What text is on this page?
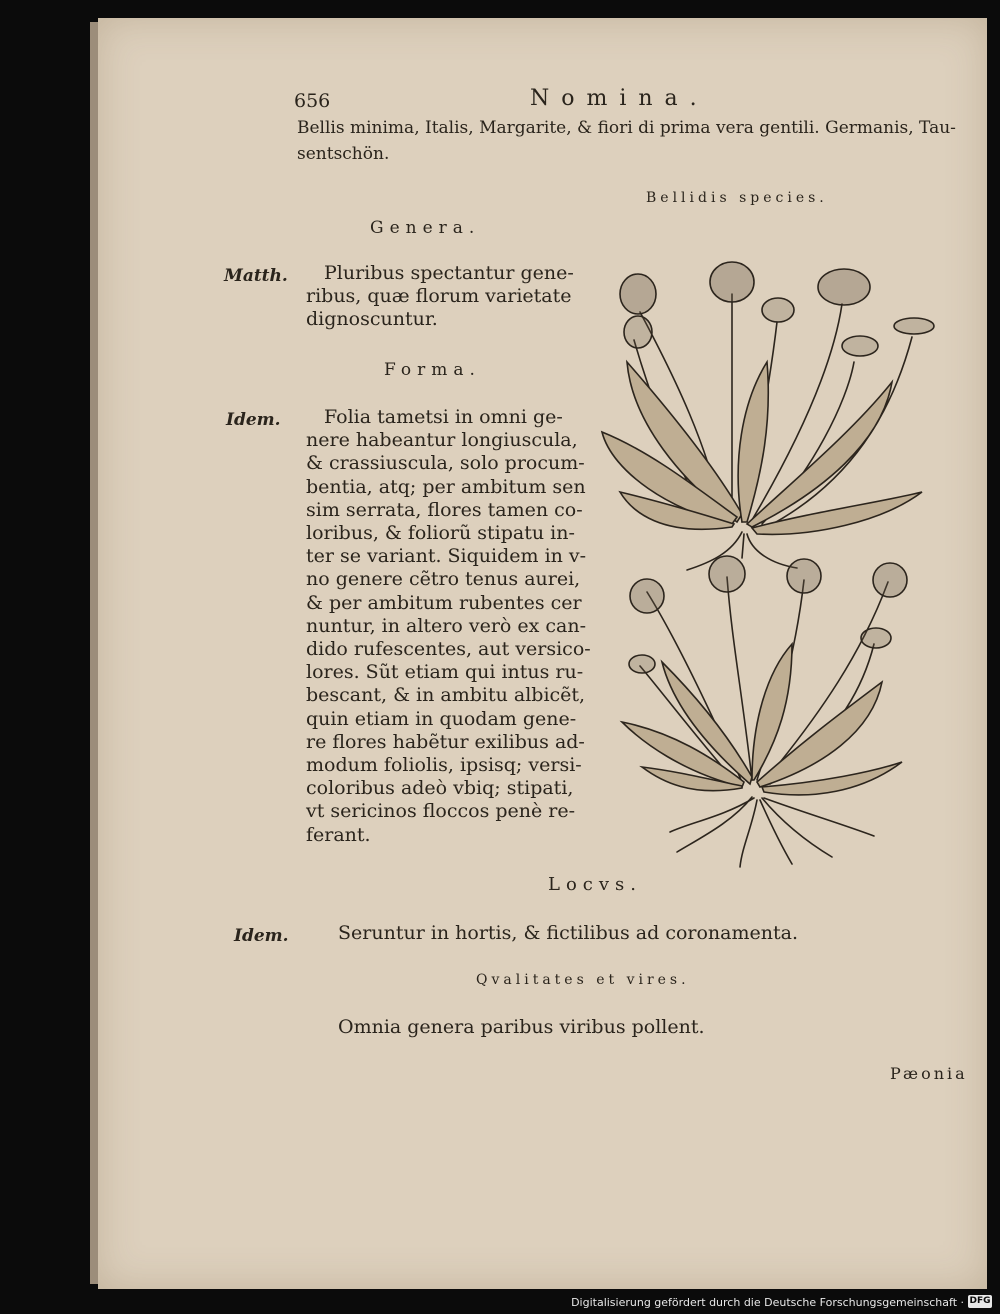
656	Nomina.
Bellis minima, Italis, Margarite, & fiori di prima vera gentili. Germanis, Tau-
sentschön.
Bellidis species.
Genera.
Matth.	Pluribus spectantur gene-
ribus, quæ florum varietate
dignoscuntur.
Forma.
Idem.	Folia tametsi in omni ge-
nere habeantur longiuscula,
& crassiuscula, solo procum-
bentia, atq; per ambitum sen
sim serrata, flores tamen co-
loribus, & foliorũ stipatu in-
ter se variant. Siquidem in v-
no genere cẽtro tenus aurei,
& per ambitum rubentes cer
nuntur, in altero verò ex can-
dido rufescentes, aut versico-
lores. Sũt etiam qui intus ru-
bescant, & in ambitu albicẽt,
quin etiam in quodam gene-
re flores habẽtur exilibus ad-
modum foliolis, ipsisq; versi-
coloribus adeò vbiq; stipati,
vt sericinos floccos penè re-
ferant.
Locvs.
Idem.	Seruntur in hortis, & fictilibus ad coronamenta.
Qvalitates et vires.
Omnia genera paribus viribus pollent.
Pæonia
Digitalisierung gefördert durch die Deutsche Forschungsgemeinschaft · DFG
